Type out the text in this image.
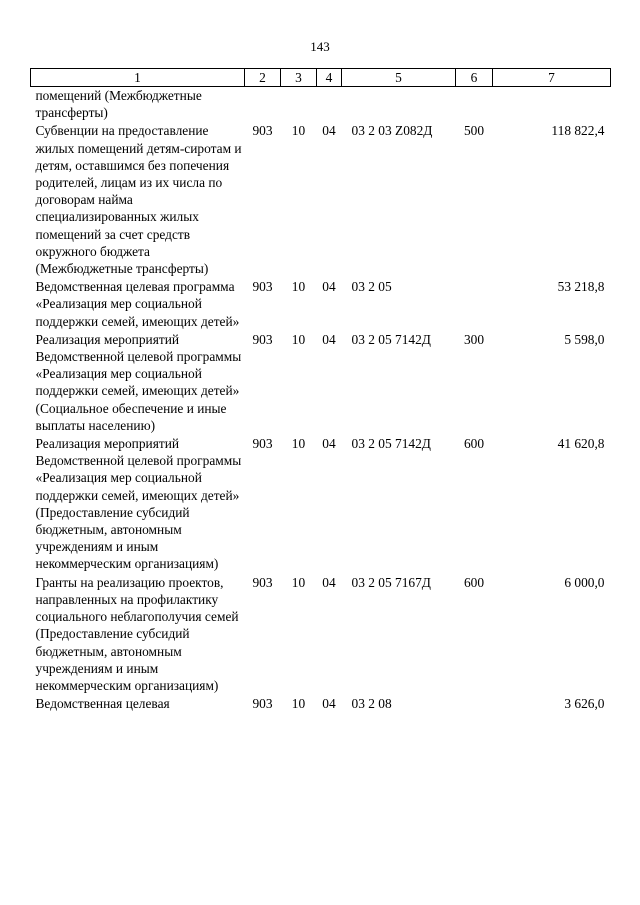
143
1	2	3	4	5	6	7
помещений (Межбюджетные трансферты)						
Субвенции на предоставление жилых помещений детям-сиротам и детям, оставшимся без попечения родителей, лицам из их числа по договорам найма специализированных жилых помещений за счет средств окружного бюджета (Межбюджетные трансферты)	903	10	04	03 2 03 Z082Д	500	118 822,4
Ведомственная целевая программа «Реализация мер социальной поддержки семей, имеющих детей»	903	10	04	03 2 05		53 218,8
Реализация мероприятий Ведомственной целевой программы «Реализация мер социальной поддержки семей, имеющих детей» (Социальное обеспечение и иные выплаты населению)	903	10	04	03 2 05 7142Д	300	5 598,0
Реализация мероприятий Ведомственной целевой программы «Реализация мер социальной поддержки семей, имеющих детей» (Предоставление субсидий бюджетным, автономным учреждениям и иным некоммерческим организациям)	903	10	04	03 2 05 7142Д	600	41 620,8
Гранты на реализацию проектов, направленных на профилактику социального неблагополучия семей (Предоставление субсидий бюджетным, автономным учреждениям и иным некоммерческим организациям)	903	10	04	03 2 05 7167Д	600	6 000,0
Ведомственная целевая	903	10	04	03 2 08		3 626,0
